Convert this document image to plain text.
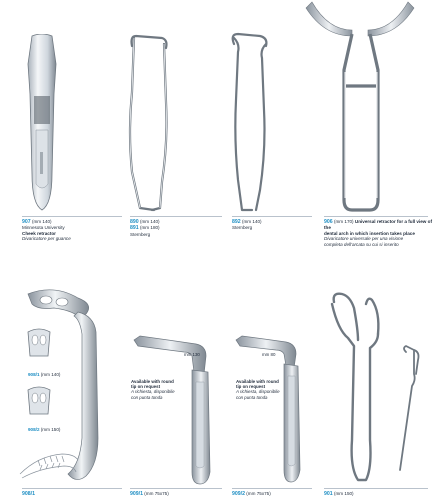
907 (mm 140)
Minnesota University
Cheek retractor
Divaricatore per guance
890 (mm 140)
891 (mm 180)
Sternberg
892 (mm 140)
Sternberg
906 (mm 170) Universal retractor for a full view of the
dental arch in which insertion takes place
Divaricatore universale per una visione
completa dell'arcata su cui si inserito
908/1 (mm 140)
908/2 (mm 150)
mm 130
Available with round
tip on request
A richiesta, disponibile
con punta tonda
mm 80
Available with round
tip on request
A richiesta, disponibile
con punta tonda
908/1	909/1 (mm 75x75)	909/2 (mm 75x75)	901 (mm 150)
